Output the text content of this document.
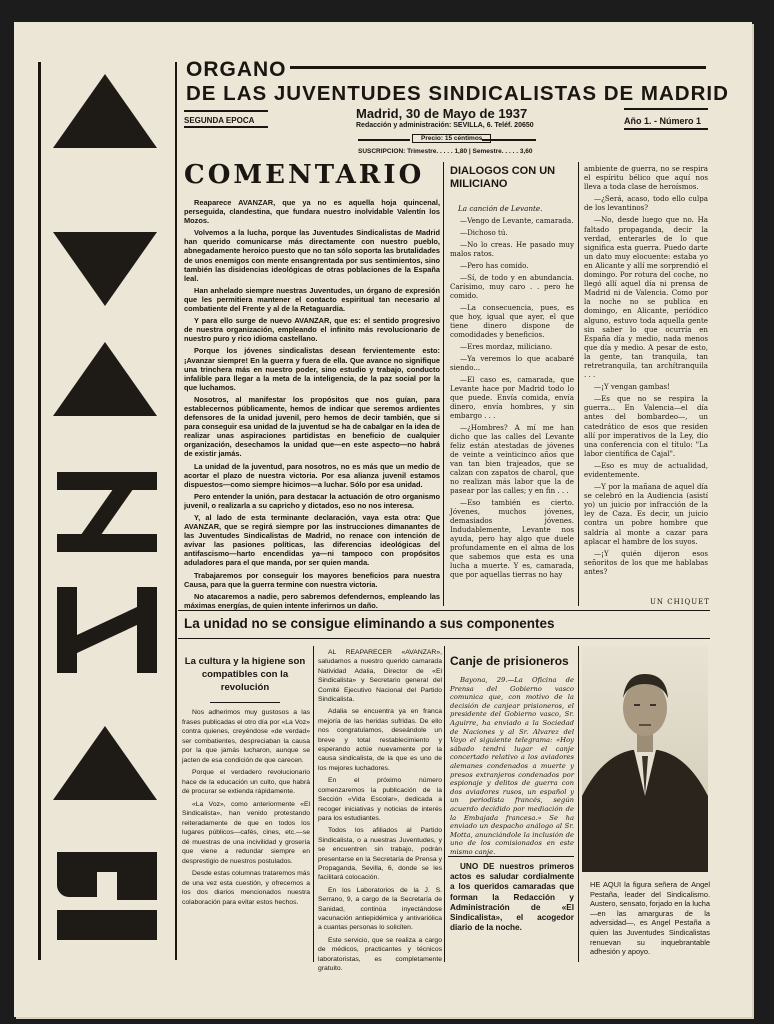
ORGANO
DE LAS JUVENTUDES SINDICALISTAS DE MADRID
SEGUNDA EPOCA	Madrid, 30 de Mayo de 1937
Redacción y administración: SEVILLA, 6. Teléf. 20650
Precio: 15 céntimos
SUSCRIPCION: Trimestre. . . . . 1,80 | Semestre. . . . . 3,60
Año 1. - Número 1
COMENTARIO

Reaparece AVANZAR, que ya no es aquella hoja quincenal, perseguida, clandestina, que fundara nuestro inolvidable Valentín los Mozos.

Volvemos a la lucha, porque las Juventudes Sindicalistas de Madrid han querido comunicarse más directamente con nuestro pueblo, abnegadamente heroico puesto que no tan sólo soporta las brutalidades de unos enemigos con mente ensangrentada por sus sentimientos, sino también las disidencias ideológicas de otras poblaciones de la España leal.

Han anhelado siempre nuestras Juventudes, un órgano de expresión que les permitiera mantener el contacto espiritual tan necesario al combatiente del Frente y al de la Retaguardia.

Y para ello surge de nuevo AVANZAR, que es: el sentido progresivo de nuestra organización, empleando el infinito más revolucionario de nuestro puro y rico idioma castellano.

Porque los jóvenes sindicalistas desean fervientemente esto: ¡Avanzar siempre! En la guerra y fuera de ella. Que avance no signifique una trinchera más en nuestro poder, sino estudio y trabajo, conducto infalible para llegar a la meta de la inteligencia, de la paz social por la que luchamos.

Nosotros, al manifestar los propósitos que nos guían, para establecernos públicamente, hemos de indicar que seremos ardientes defensores de la unidad juvenil, pero hemos de decir también, que si para conseguir esa unidad de la juventud se ha de cabalgar en la idea de realizar unas aspiraciones partidistas en beneficio de cualquier organización, desechamos la unidad que—en este aspecto—no habrá de existir jamás.

La unidad de la juventud, para nosotros, no es más que un medio de acortar el plazo de nuestra victoria. Por esa alianza juvenil estamos dispuestos—como siempre hicimos—a luchar. Sólo por esa unidad.

Pero entender la unión, para destacar la actuación de otro organismo juvenil, o realizarla a su capricho y dictados, eso no nos interesa.

Y, al lado de esta terminante declaración, vaya esta otra: Que AVANZAR, que se regirá siempre por las instrucciones dimanantes de las Juventudes Sindicalistas de Madrid, no renace con intención de avivar las pasiones políticas, las diferencias ideológicas del antifascismo—harto encendidas ya—ni tampoco con propósitos aduladores para el que manda, por ser quien manda.

Trabajaremos por conseguir los mayores beneficios para nuestra Causa, para que la guerra termine con nuestra victoria.

No atacaremos a nadie, pero sabremos defendernos, empleando las máximas energías, de quien intente inferirnos un daño.

DIALOGOS CON UN MILICIANO
La canción de Levante.

—Vengo de Levante, camarada.

—Dichoso tú.

—No lo creas. He pasado muy malos ratos.

—Pero has comido.

—Sí, de todo y en abundancia. Carísimo, muy caro . . pero he comido.

—La consecuencia, pues, es que hoy, igual que ayer, el que tiene dinero dispone de comodidades y beneficios.

—Eres mordaz, miliciano.

—Ya veremos lo que acabaré siendo...

—El caso es, camarada, que Levante hace por Madrid todo lo que puede. Envía comida, envía dinero, envía hombres, y sin embargo . . .

—¿Hombres? A mí me han dicho que las calles del Levante feliz están atestadas de jóvenes de veinte a veinticinco años que van tan bien trajeados, que se calzan con zapatos de charol, que no realizan más labor que la de pasear por las calles; y en fin . . .

—Eso también es cierto. Jóvenes, muchos jóvenes, demasiados jóvenes. Indudablemente, Levante nos ayuda, pero hay algo que duele profundamente en el alma de los que sabemos que esta es una lucha a muerte. Y es, camarada, que por aquellas tierras no hay

ambiente de guerra, no se respira el espíritu bélico que aquí nos lleva a toda clase de heroísmos.

—¿Será, acaso, todo ello culpa de los levantinos?

—No, desde luego que no. Ha faltado propaganda, decir la verdad, enterarles de lo que significa esta guerra. Puedo darte un dato muy elocuente: estaba yo en Alicante y allí me sorprendió el domingo. Por rotura del coche, no llegó allí aquel día ni prensa de Madrid ni de Valencia. Como por la noche no se publica en domingo, en Alicante, periódico alguno, estuvo toda aquella gente sin saber lo que ocurría en España día y medio, nada menos que día y medio. A pesar de esto, la gente, tan tranquila, tan retretranquila, tan archítranquila . . .

—¡Y vengan gambas!

—Es que no se respira la guerra... En Valencia—el día antes del bombardeo—, un catedrático de esos que residen allí por imperativos de la Ley, dio una conferencia con el título: "La labor científica de Cajal".

—Eso es muy de actualidad, evidentemente.

—Y por la mañana de aquel día se celebró en la Audiencia (asistí yo) un juicio por infracción de la ley de Caza. Es decir, un juicio contra un pobre hombre que saldría al monte a cazar para aplacar el hambre de los suyos.

—¡Y quién dijeron esos señoritos de los que me hablabas antes?

UN CHIQUET
La unidad no se consigue eliminando a sus componentes
La cultura y la higiene son compatibles con la revolución

Nos adherimos muy gustosos a las frases publicadas el otro día por «La Voz» contra quienes, creyéndose «de verdad» ser combatientes, despreciaban la causa por la que jamás lucharon, aunque se jacten de esa condición de que carecen.

Porque el verdadero revolucionario hace de la educación un culto, que habrá de procurar se extienda rápidamente.

«La Voz», como anteriormente «El Sindicalista», han venido protestando reiteradamente de que en todos los lugares públicos—cafés, cines, etc.—se dé muestras de una incivilidad y grosería que viene a redundar siempre en desprestigio de nuestros postulados.

Desde estas columnas trataremos más de una vez esta cuestión, y ofrecemos a los dos diarios mencionados nuestra colaboración para evitar estos hechos.

AL REAPARECER «AVANZAR», saludamos a nuestro querido camarada Natividad Adalia, Director de «El Sindicalista» y Secretario general del Comité Ejecutivo Nacional del Partido Sindicalista.

Adalia se encuentra ya en franca mejoría de las heridas sufridas. De ello nos congratulamos, deseándole un breve y total restablecimiento y esperando actúe nuevamente por la causa sindicalista, de la que es uno de los mejores luchadores.

En el próximo número comenzaremos la publicación de la Sección «Vida Escolar», dedicada a recoger iniciativas y noticias de interés para los estudiantes.

Todos los afiliados al Partido Sindicalista, o a nuestras Juventudes, y se encuentren sin trabajo, podrán presentarse en la Secretaría de Prensa y Propaganda, Sevilla, 6, donde se les facilitará colocación.

En los Laboratorios de la J. S. Serrano, 9, a cargo de la Secretaría de Sanidad, continúa inyectándose vacunación antiepidémica y antivariólica a cuantas personas lo soliciten.

Este servicio, que se realiza a cargo de médicos, practicantes y técnicos laboratoristas, es completamente gratuito.

Canje de prisioneros

Bayona, 29.—La Oficina de Prensa del Gobierno vasco comunica que, con motivo de la decisión de canjear prisioneros, el presidente del Gobierno vasco, Sr. Aguirre, ha enviado a la Sociedad de Naciones y al Sr. Alvarez del Vayo el siguiente telegrama: «Hoy sábado tendrá lugar el canje concertado relativo a los aviadores alemanes condenados a muerte y presos extranjeros condenados por espionaje y delitos de guerra con dos aviadores rusos, un español y un periodista francés, según acuerdo decidido por mediación de la Embajada francesa.» Se ha enviado un despacho análogo al Sr. Motta, anunciándole la inclusión de uno de los comisionados en este mismo canje.

UNO DE nuestros primeros actos es saludar cordialmente a los queridos camaradas que forman la Redacción y Administración de «El Sindicalista», el acogedor diario de la noche.

HE AQUI la figura señera de Angel Pestaña, leader del Sindicalismo. Austero, sensato, forjado en la lucha—en las amarguras de la adversidad—, es Angel Pestaña a quien las Juventudes Sindicalistas renuevan su inquebrantable adhesión y apoyo.
